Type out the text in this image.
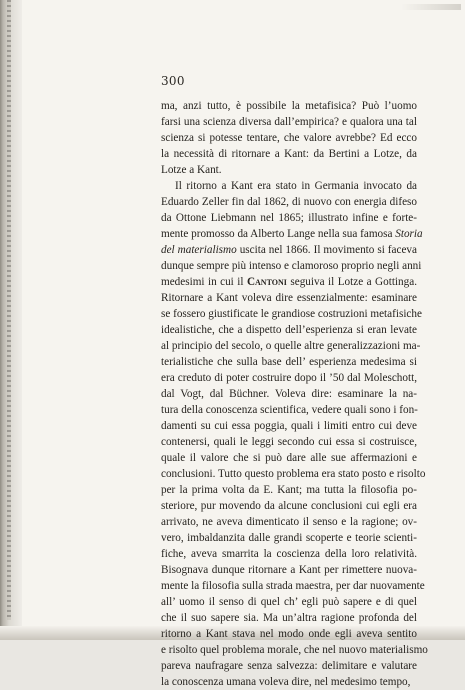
300
ma, anzi tutto, è possibile la metafisica? Può l’uomo
farsi una scienza diversa dall’empirica? e qualora una tal
scienza si potesse tentare, che valore avrebbe? Ed ecco
la necessità di ritornare a Kant: da Bertini a Lotze, da
Lotze a Kant.
Il ritorno a Kant era stato in Germania invocato da
Eduardo Zeller fin dal 1862, di nuovo con energia difeso
da Ottone Liebmann nel 1865; illustrato infine e forte-
mente promosso da Alberto Lange nella sua famosa Storia
del materialismo uscita nel 1866. Il movimento si faceva
dunque sempre più intenso e clamoroso proprio negli anni
medesimi in cui il Cantoni seguiva il Lotze a Gottinga.
Ritornare a Kant voleva dire essenzialmente: esaminare
se fossero giustificate le grandiose costruzioni metafisiche
idealistiche, che a dispetto dell’esperienza si eran levate
al principio del secolo, o quelle altre generalizzazioni ma-
terialistiche che sulla base dell’ esperienza medesima si
era creduto di poter costruire dopo il ’50 dal Moleschott,
dal Vogt, dal Büchner. Voleva dire: esaminare la na-
tura della conoscenza scientifica, vedere quali sono i fon-
damenti su cui essa poggia, quali i limiti entro cui deve
contenersi, quali le leggi secondo cui essa si costruisce,
quale il valore che si può dare alle sue affermazioni e
conclusioni. Tutto questo problema era stato posto e risolto
per la prima volta da E. Kant; ma tutta la filosofia po-
steriore, pur movendo da alcune conclusioni cui egli era
arrivato, ne aveva dimenticato il senso e la ragione; ov-
vero, imbaldanzita dalle grandi scoperte e teorie scienti-
fiche, aveva smarrita la coscienza della loro relatività.
Bisognava dunque ritornare a Kant per rimettere nuova-
mente la filosofia sulla strada maestra, per dar nuovamente
all’ uomo il senso di quel ch’ egli può sapere e di quel
che il suo sapere sia. Ma un’altra ragione profonda del
ritorno a Kant stava nel modo onde egli aveva sentito
e risolto quel problema morale, che nel nuovo materialismo
pareva naufragare senza salvezza: delimitare e valutare
la conoscenza umana voleva dire, nel medesimo tempo,
